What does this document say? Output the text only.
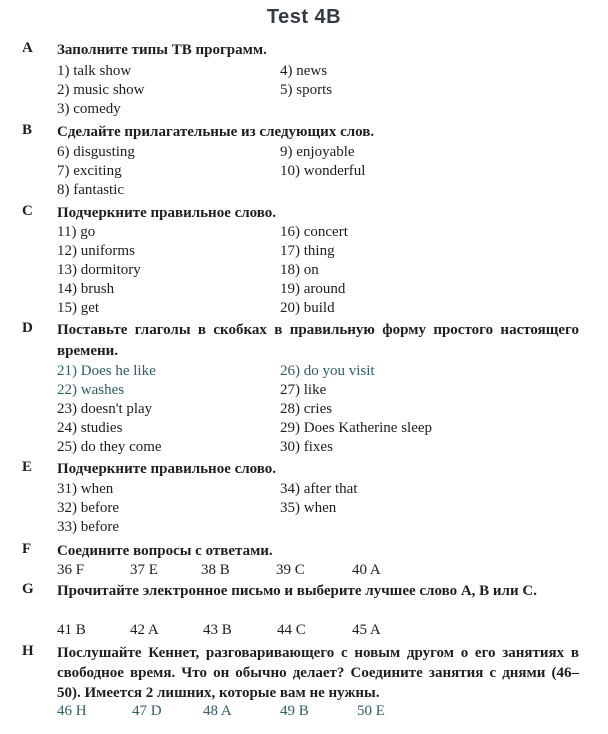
Test 4B
A Заполните типы ТВ программ.
1) talk show
2) music show
3) comedy
4) news
5) sports
B Сделайте прилагательные из следующих слов.
6) disgusting
7) exciting
8) fantastic
9) enjoyable
10) wonderful
C Подчеркните правильное слово.
11) go
12) uniforms
13) dormitory
14) brush
15) get
16) concert
17) thing
18) on
19) around
20) build
D Поставьте глаголы в скобках в правильную форму простого настоящего времени.
21) Does he like
22) washes
23) doesn't play
24) studies
25) do they come
26) do you visit
27) like
28) cries
29) Does Katherine sleep
30) fixes
E Подчеркните правильное слово.
31) when
32) before
33) before
34) after that
35) when
F Соедините вопросы с ответами.
36 F	37 E	38 B	39 C	40 A
G Прочитайте электронное письмо и выберите лучшее слово A, B или C.
41 B	42 A	43 B	44 C	45 A
H Послушайте Кеннет, разговаривающего с новым другом о его занятиях в свободное время. Что он обычно делает? Соедините занятия с днями (46–50). Имеется 2 лишних, которые вам не нужны.
46 H	47 D	48 A	49 B	50 E
